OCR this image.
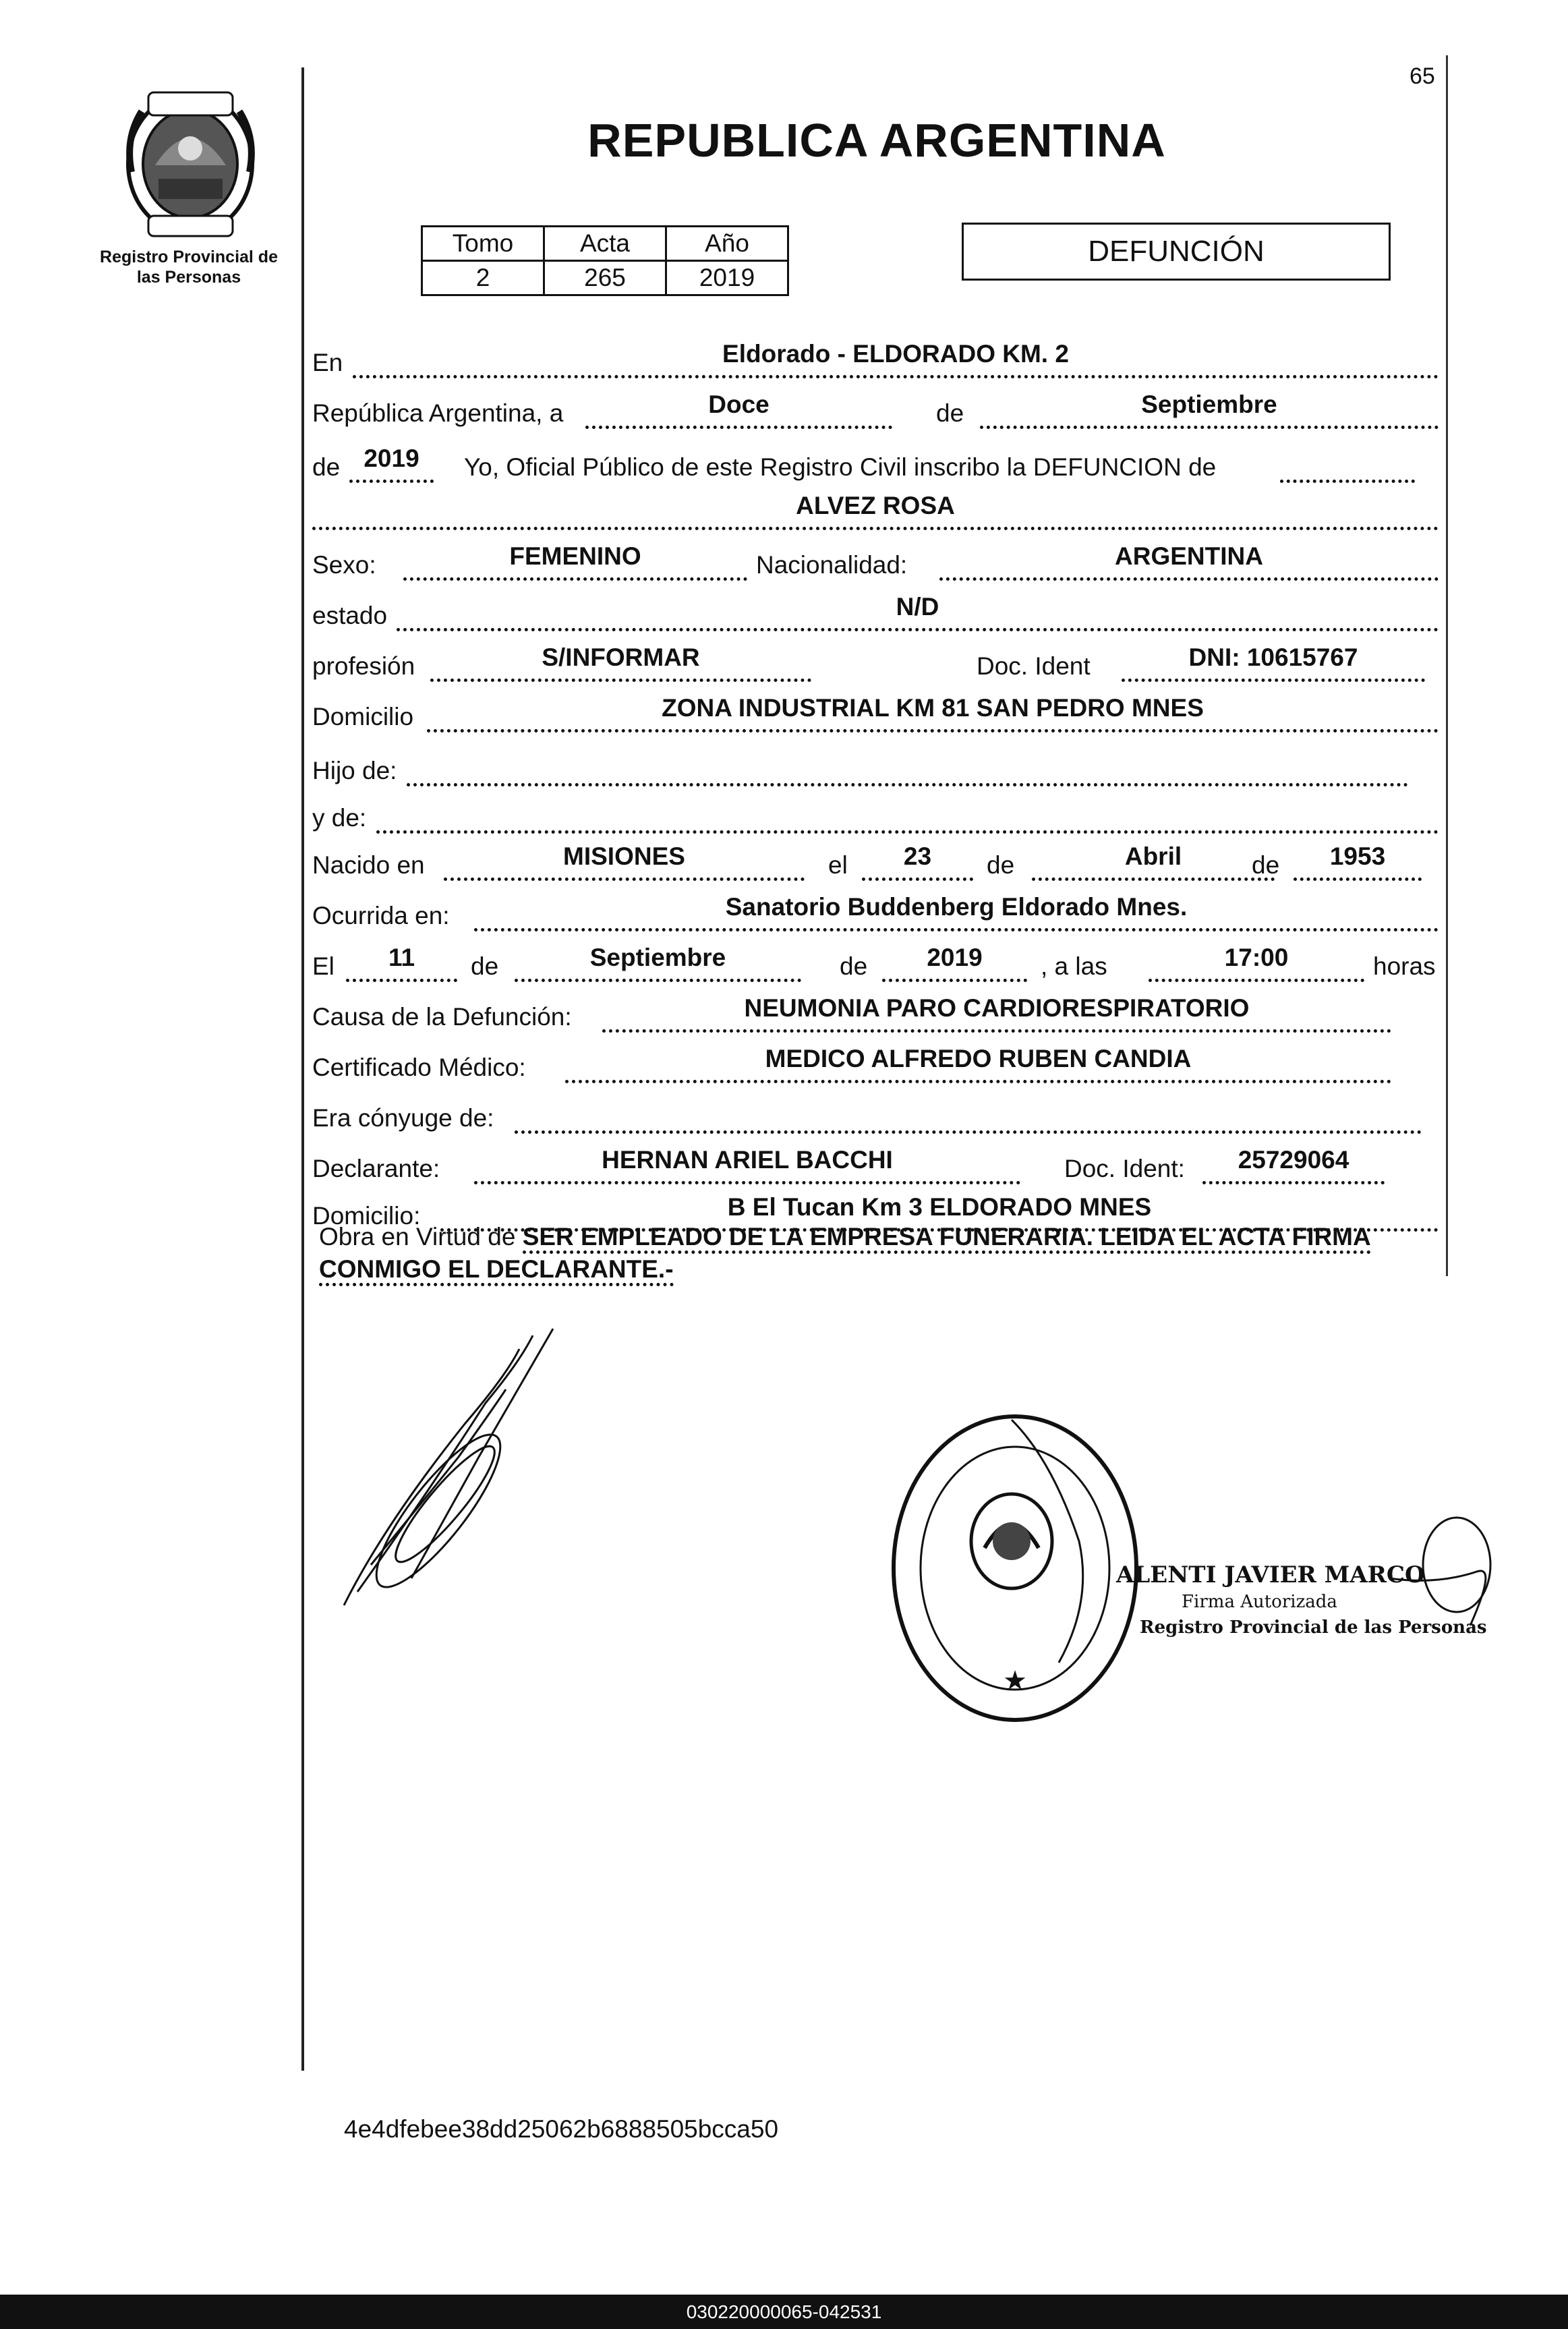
65
Registro Provincial de las Personas
REPUBLICA ARGENTINA
Tomo	Acta	Año
2	265	2019
DEFUNCIÓN
En	Eldorado - ELDORADO KM. 2
República Argentina, a	Doce	de	Septiembre
de 2019 Yo, Oficial Público de este Registro Civil inscribo la DEFUNCION de
ALVEZ ROSA
Sexo:	FEMENINO	Nacionalidad:	ARGENTINA
estado	N/D
profesión	S/INFORMAR	Doc. Ident	DNI: 10615767
Domicilio	ZONA INDUSTRIAL KM 81 SAN PEDRO MNES
Hijo de:
y de:
Nacido en	MISIONES	el 23 de	Abril	de 1953
Ocurrida en:	Sanatorio Buddenberg Eldorado Mnes.
El 11 de	Septiembre	de 2019 , a las	17:00	horas
Causa de la Defunción:	NEUMONIA PARO CARDIORESPIRATORIO
Certificado Médico:	MEDICO ALFREDO RUBEN CANDIA
Era cónyuge de:
Declarante:	HERNAN ARIEL BACCHI	Doc. Ident: 25729064
Domicilio:	B El Tucan Km 3 ELDORADO MNES
Obra en Virtud de SER EMPLEADO DE LA EMPRESA FUNERARIA. LEIDA EL ACTA FIRMA CONMIGO EL DECLARANTE.-
★
ALENTI JAVIER MARCO
Firma Autorizada
Registro Provincial de las Personas
4e4dfebee38dd25062b6888505bcca50
030220000065-042531
